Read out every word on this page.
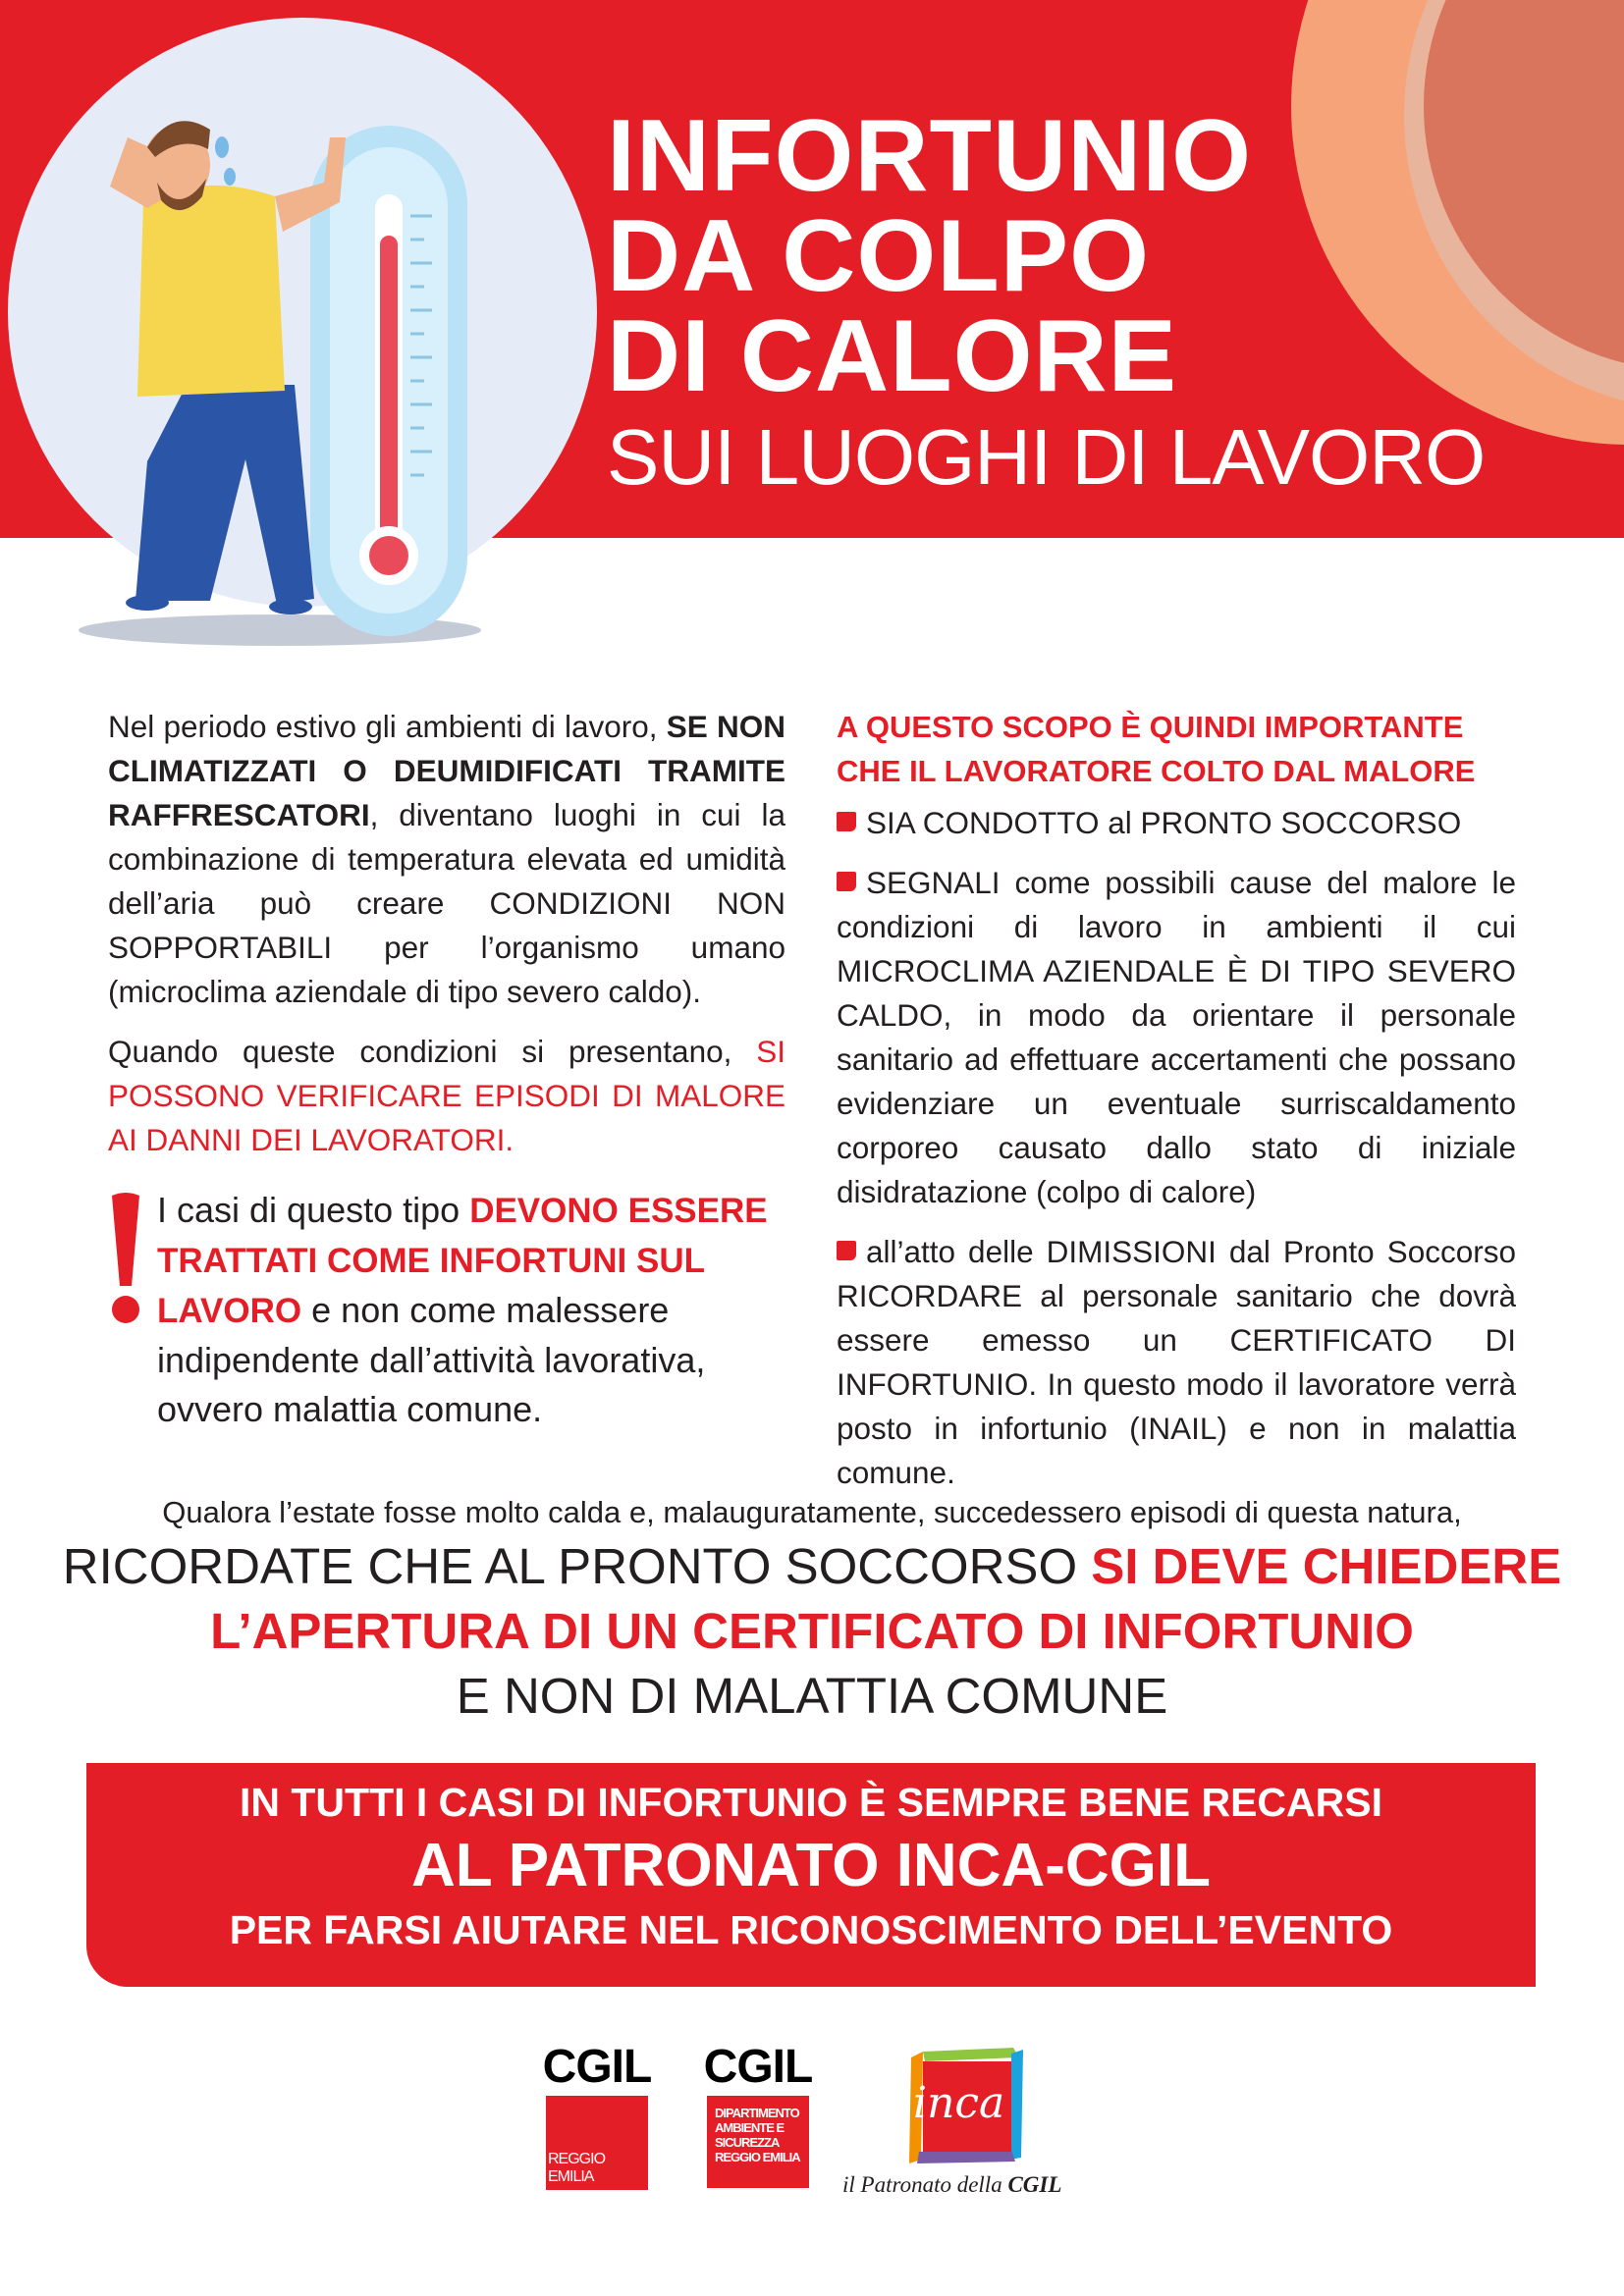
INFORTUNIO
DA COLPO
DI CALORE
SUI LUOGHI DI LAVORO

Nel periodo estivo gli ambienti di lavoro, SE NON CLIMATIZZATI O DEUMIDIFICATI TRAMITE RAFFRESCATORI, diventano luoghi in cui la combinazione di temperatura elevata ed umidità dell’aria può creare CONDIZIONI NON SOPPORTABILI per l’organismo umano (microclima aziendale di tipo severo caldo).

Quando queste condizioni si presentano, SI POSSONO VERIFICARE EPISODI DI MALORE AI DANNI DEI LAVORATORI.

I casi di questo tipo DEVONO ESSERE TRATTATI COME INFORTUNI SUL LAVORO e non come malessere indipendente dall’attività lavorativa, ovvero malattia comune.

A QUESTO SCOPO È QUINDI IMPORTANTE CHE IL LAVORATORE COLTO DAL MALORE

SIA CONDOTTO al PRONTO SOCCORSO

SEGNALI come possibili cause del malore le condizioni di lavoro in ambienti il cui MICROCLIMA AZIENDALE È DI TIPO SEVERO CALDO, in modo da orientare il personale sanitario ad effettuare accertamenti che possano evidenziare un eventuale surriscaldamento corporeo causato dallo stato di iniziale disidratazione (colpo di calore)

all’atto delle DIMISSIONI dal Pronto Soccorso RICORDARE al personale sanitario che dovrà essere emesso un CERTIFICATO DI INFORTUNIO. In questo modo il lavoratore verrà posto in infortunio (INAIL) e non in malattia comune.

Qualora l’estate fosse molto calda e, malauguratamente, succedessero episodi di questa natura,
RICORDATE CHE AL PRONTO SOCCORSO SI DEVE CHIEDERE
L’APERTURA DI UN CERTIFICATO DI INFORTUNIO
E NON DI MALATTIA COMUNE
IN TUTTI I CASI DI INFORTUNIO È SEMPRE BENE RECARSI
AL PATRONATO INCA-CGIL
PER FARSI AIUTARE NEL RICONOSCIMENTO DELL’EVENTO
CGIL
REGGIO EMILIA
CGIL
DIPARTIMENTO
AMBIENTE E
SICUREZZA
REGGIO EMILIA
inca
il Patronato della CGIL
